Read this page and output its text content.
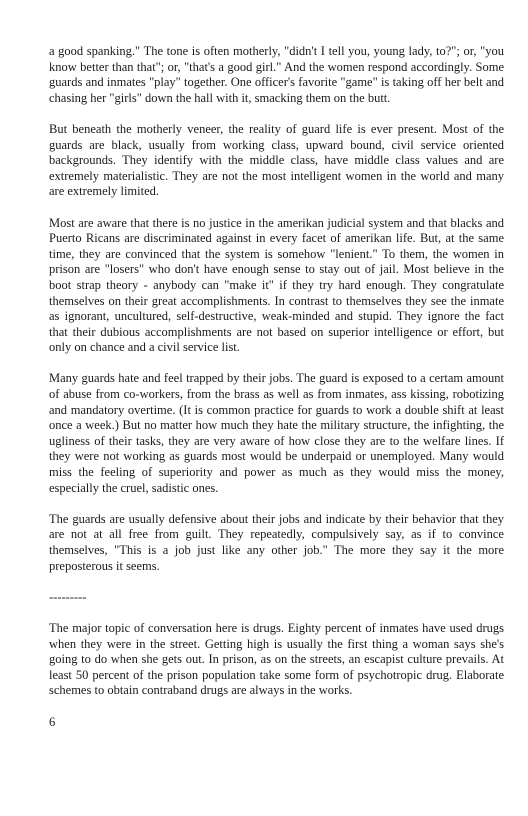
a good spanking." The tone is often motherly, "didn't I tell you, young lady, to?"; or, "you know better than that"; or, "that's a good girl." And the women respond accordingly. Some guards and inmates "play" together. One officer's favorite "game" is taking off her belt and chasing her "girls" down the hall with it, smacking them on the butt.

But beneath the motherly veneer, the reality of guard life is ever present. Most of the guards are black, usually from working class, upward bound, civil service oriented backgrounds. They identify with the middle class, have middle class values and are extremely materialistic. They are not the most intelligent women in the world and many are extremely limited.

Most are aware that there is no justice in the amerikan judicial system and that blacks and Puerto Ricans are discriminated against in every facet of amerikan life. But, at the same time, they are convinced that the system is somehow "lenient." To them, the women in prison are "losers" who don't have enough sense to stay out of jail. Most believe in the boot strap theory - anybody can "make it" if they try hard enough. They congratulate themselves on their great accomplishments. In contrast to themselves they see the inmate as ignorant, uncultured, self-destructive, weak-minded and stupid. They ignore the fact that their dubious accomplishments are not based on superior intelligence or effort, but only on chance and a civil service list.

Many guards hate and feel trapped by their jobs. The guard is exposed to a certam amount of abuse from co-workers, from the brass as well as from inmates, ass kissing, robotizing and mandatory overtime. (It is common practice for guards to work a double shift at least once a week.) But no matter how much they hate the military structure, the infighting, the ugliness of their tasks, they are very aware of how close they are to the welfare lines. If they were not working as guards most would be underpaid or unemployed. Many would miss the feeling of superiority and power as much as they would miss the money, especially the cruel, sadistic ones.

The guards are usually defensive about their jobs and indicate by their behavior that they are not at all free from guilt. They repeatedly, compulsively say, as if to convince themselves, "This is a job just like any other job." The more they say it the more preposterous it seems.

---------

The major topic of conversation here is drugs. Eighty percent of inmates have used drugs when they were in the street. Getting high is usually the first thing a woman says she's going to do when she gets out. In prison, as on the streets, an escapist culture prevails. At least 50 percent of the prison population take some form of psychotropic drug. Elaborate schemes to obtain contraband drugs are always in the works.

6
